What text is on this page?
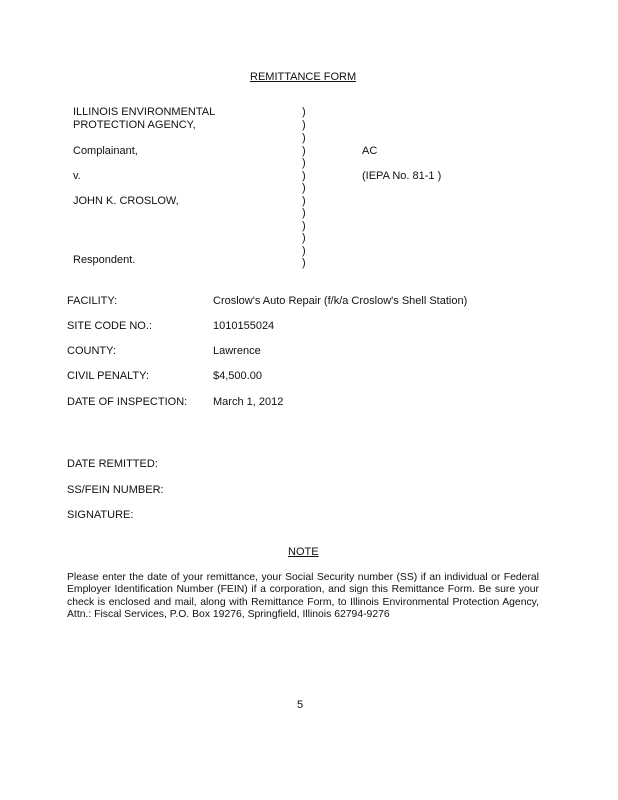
REMITTANCE FORM
ILLINOIS ENVIRONMENTAL
PROTECTION AGENCY,
Complainant,
v.
JOHN K. CROSLOW,
Respondent.
AC
(IEPA No. 81-1 )
)
)
)
)
)
)
)
)
)
)
)
)
)
FACILITY:	Croslow's Auto Repair (f/k/a Croslow's Shell Station)
SITE CODE NO.:	1010155024
COUNTY:	Lawrence
CIVIL PENALTY:	$4,500.00
DATE OF INSPECTION: March 1, 2012
DATE REMITTED:
SS/FEIN NUMBER:
SIGNATURE:
NOTE
Please enter the date of your remittance, your Social Security number (SS) if an individual or Federal Employer Identification Number (FEIN) if a corporation, and sign this Remittance Form. Be sure your check is enclosed and mail, along with Remittance Form, to Illinois Environmental Protection Agency, Attn.: Fiscal Services, P.O. Box 19276, Springfield, Illinois 62794-9276
5
